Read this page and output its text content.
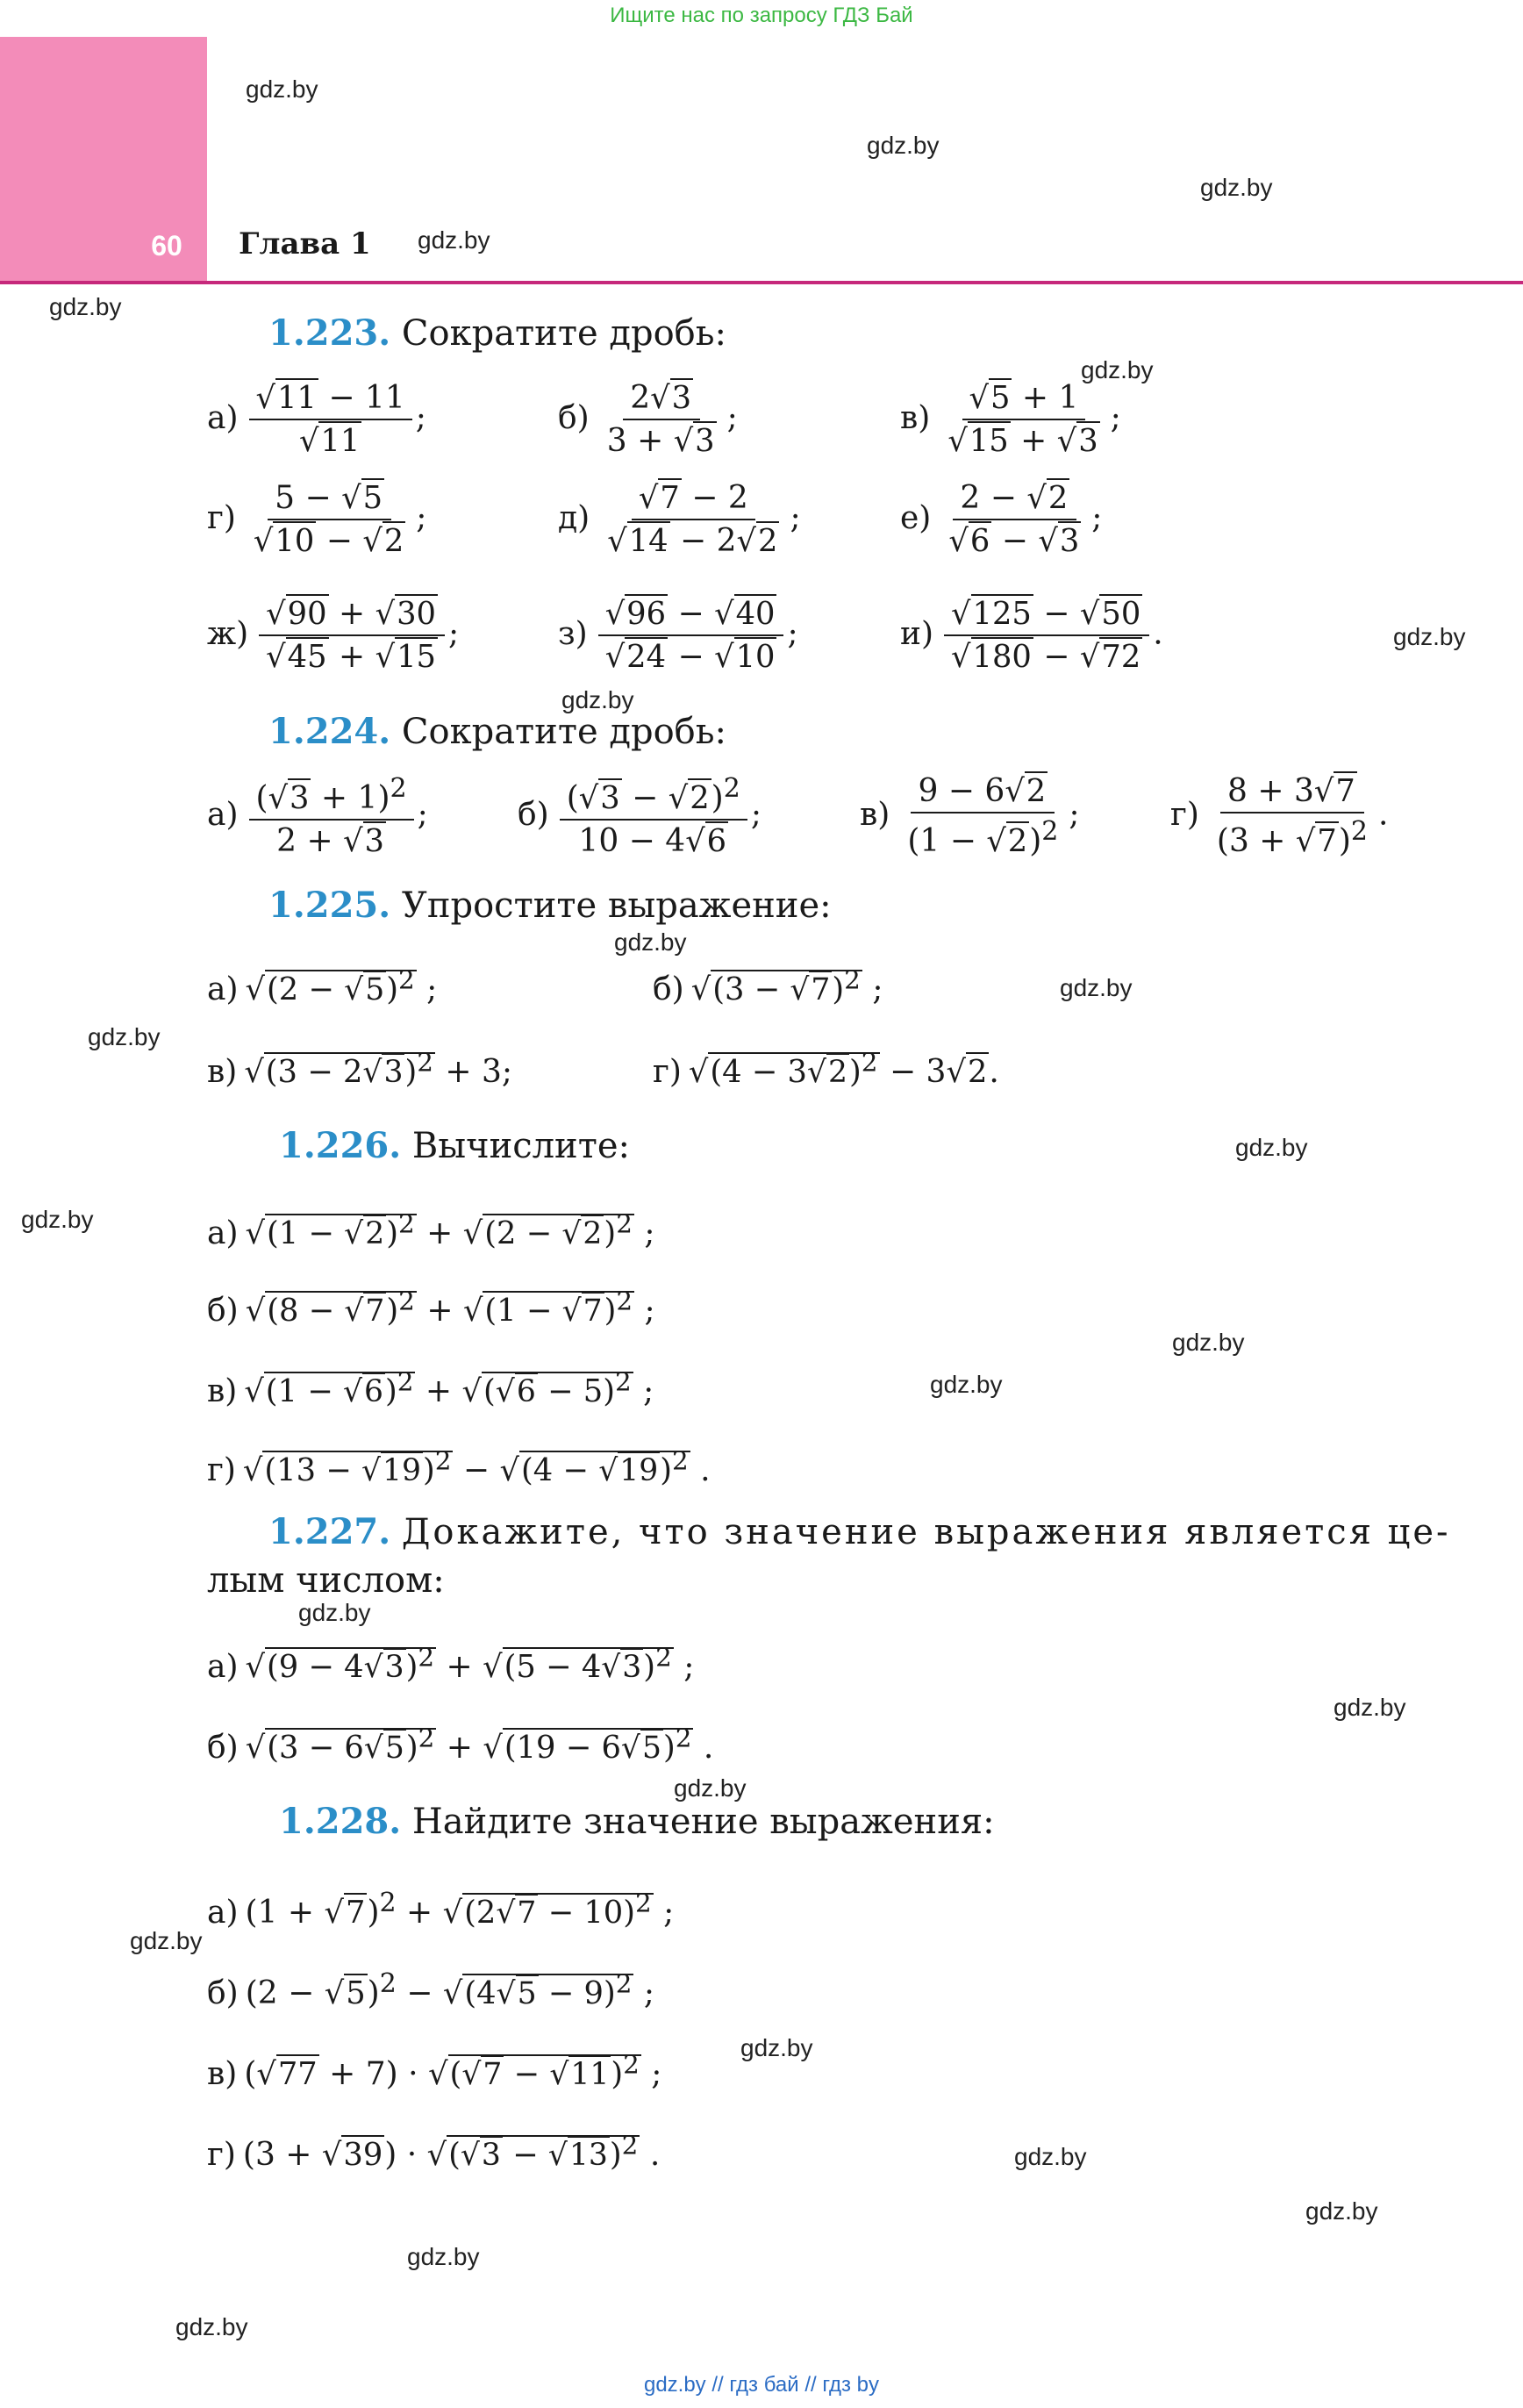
Ищите нас по запросу ГДЗ Бай
60	Глава 1
gdz.by
gdz.by
gdz.by
gdz.by
gdz.by
gdz.by
gdz.by
gdz.by
gdz.by
gdz.by
gdz.by
gdz.by
gdz.by
gdz.by
gdz.by
gdz.by
gdz.by
gdz.by
gdz.by
gdz.by
gdz.by
gdz.by
gdz.by
gdz.by
1.223. Сократите дробь:
$а) \frac{√11 - 11}{√11}$ ;	$б) \frac{2√3}{3 + √3}$ ;	$в) \frac{√5 + 1}{√15 + √3}$ ;
$г) \frac{5 - √5}{√10 - √2}$ ;	$д) \frac{√7 - 2}{√14 - 2√2}$ ;	$е) \frac{2 - √2}{√6 - √3}$ ;
$ж) \frac{√90 + √30}{√45 + √15}$ ;	$з) \frac{√96 - √40}{√24 - √10}$ ;	$и) \frac{√125 - √50}{√180 - √72}$ .
1.224. Сократите дробь:
$а) \frac{(√3 + 1)^2}{2 + √3}$ ;	$б) \frac{(√3 - √2)^2}{10 - 4√6}$ ;	$в) \frac{9 - 6√2}{(1 - √2)^2}$ ;	$г) \frac{8 + 3√7}{(3 + √7)^2}$ .
1.225. Упростите выражение:
а) $√(2 - √5)^2$ ;	б) $√(3 - √7)^2$ ;
в) $√(3 - 2√3)^2 + 3$;	г) $√(4 - 3√2)^2 - 3√2$.
1.226. Вычислите:
а) $√(1 - √2)^2 + √(2 - √2)^2$ ;
б) $√(8 - √7)^2 + √(1 - √7)^2$ ;
в) $√(1 - √6)^2 + √(√6 - 5)^2$ ;
г) $√(13 - √19)^2 - √(4 - √19)^2$ .
1.227. Докажите, что значение выражения является це-
лым числом:
а) $√(9 - 4√3)^2 + √(5 - 4√3)^2$ ;
б) $√(3 - 6√5)^2 + √(19 - 6√5)^2$ .
1.228. Найдите значение выражения:
а) $(1 + √7)^2 + √(2√7 - 10)^2$ ;
б) $(2 - √5)^2 - √(4√5 - 9)^2$ ;
в) $(√77 + 7) \cdot √(√7 - √11)^2$ ;
г) $(3 + √39) \cdot √(√3 - √13)^2$ .
gdz.by // гдз бай // гдз by
